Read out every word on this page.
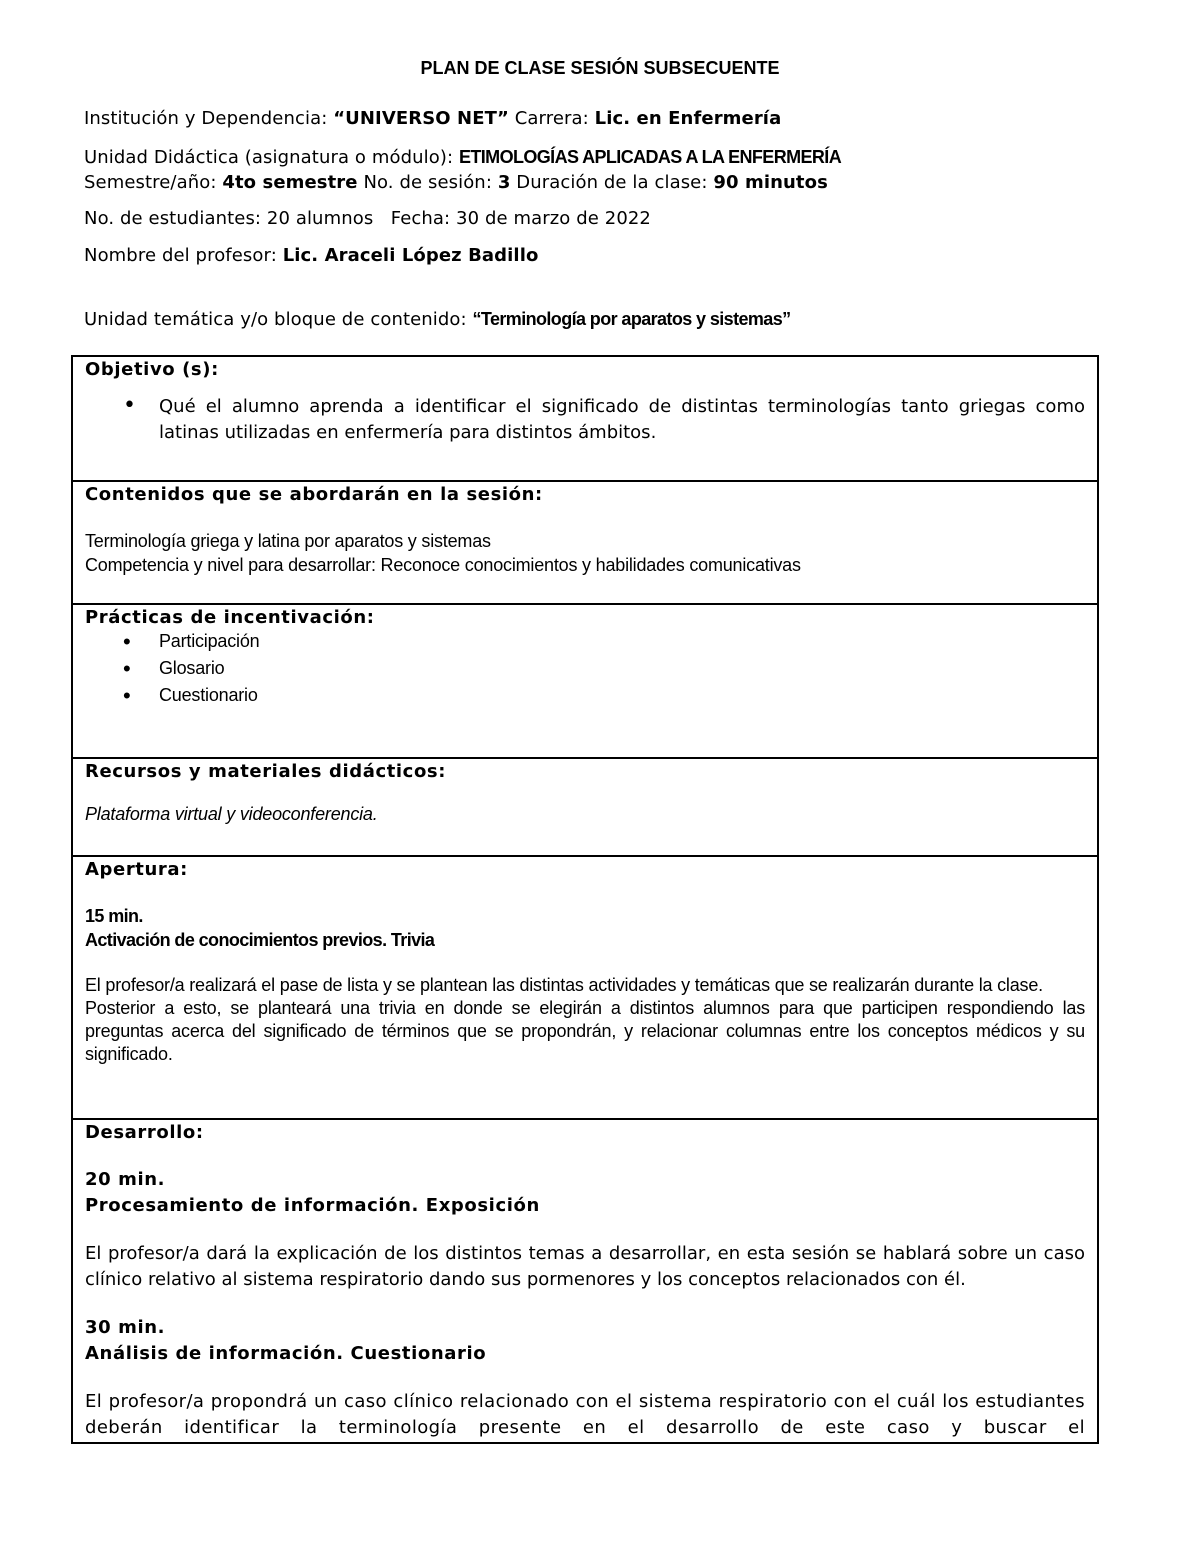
PLAN DE CLASE SESIÓN SUBSECUENTE
Institución y Dependencia: “UNIVERSO NET” Carrera: Lic. en Enfermería
Unidad Didáctica (asignatura o módulo): ETIMOLOGÍAS APLICADAS A LA ENFERMERÍA
Semestre/año: 4to semestre No. de sesión: 3 Duración de la clase: 90 minutos
No. de estudiantes: 20 alumnos Fecha: 30 de marzo de 2022
Nombre del profesor: Lic. Araceli López Badillo
Unidad temática y/o bloque de contenido: “Terminología por aparatos y sistemas”
Objetivo (s):
• Qué el alumno aprenda a identificar el significado de distintas terminologías tanto griegas como latinas utilizadas en enfermería para distintos ámbitos.

Contenidos que se abordarán en la sesión:
Terminología griega y latina por aparatos y sistemas
Competencia y nivel para desarrollar: Reconoce conocimientos y habilidades comunicativas

Prácticas de incentivación:
• Participación
• Glosario
• Cuestionario

Recursos y materiales didácticos:
Plataforma virtual y videoconferencia.

Apertura:
15 min.
Activación de conocimientos previos. Trivia
El profesor/a realizará el pase de lista y se plantean las distintas actividades y temáticas que se realizarán durante la clase.
Posterior a esto, se planteará una trivia en donde se elegirán a distintos alumnos para que participen respondiendo las preguntas acerca del significado de términos que se propondrán, y relacionar columnas entre los conceptos médicos y su significado.

Desarrollo:
20 min.
Procesamiento de información. Exposición
El profesor/a dará la explicación de los distintos temas a desarrollar, en esta sesión se hablará sobre un caso clínico relativo al sistema respiratorio dando sus pormenores y los conceptos relacionados con él.
30 min.
Análisis de información. Cuestionario
El profesor/a propondrá un caso clínico relacionado con el sistema respiratorio con el cuál los estudiantes deberán identificar la terminología presente en el desarrollo de este caso y buscar el
